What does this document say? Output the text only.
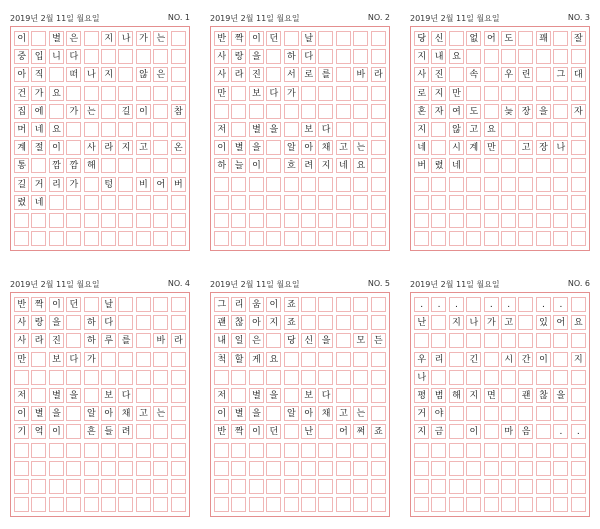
2019년 2월 11일 월요일	NO. 1
이	별 은	지 나 가 는
중 입 니 다
아 직	떠 나 지	않 은
건 가 요
집 에	가 는	길 이	참
머 네 요
계 절 이	사 라 지 고	온
통	깜 깜 해
길 거 리 가	텅	비 어 버
렸 네
2019년 2월 11일 월요일	NO. 2
반 짝 이 던	날
사 랑 을	하 다
사 라 진	서 로 를	바 라
만	보 다 가
저	별 을	보 다
이 별 을	알 아 채 고 는
하 늘 이	흐 려 지 네 요
2019년 2월 11일 월요일	NO. 3
당 신	없 어 도	꽤	잘
지 내 요
사 진	속	우 린	그 대
로 지 만
혼 자 여 도	늦 장 을	자
지	않 고 요
네	시 계 만	고 장 나
버 렸 네
2019년 2월 11일 월요일	NO. 4
반 짝 이 던	날
사 랑 을	하 다
사 라 진	하 루 를	바 라
만	보 다 가
저	별 을	보 다
이 별 을	알 아 채 고 는
기 억 이	흔 들 려
2019년 2월 11일 월요일	NO. 5
그 리 움 이 죠
괜 찮 아 지 죠
내 일 은	당 신 을	모 든
척 할 게 요
저	별 을	보 다
이 별 을	알 아 채 고 는
반 짝 이 던	난	어 쩌 죠
2019년 2월 11일 월요일	NO. 6
.	.	.	.	.	.	.
난	지 나 가 고	있 어 요
우 리	긴	시 간 이	지
나
평 범 해 지 면	괜 찮 을
거 야
지 금	이	마 음	.	.
